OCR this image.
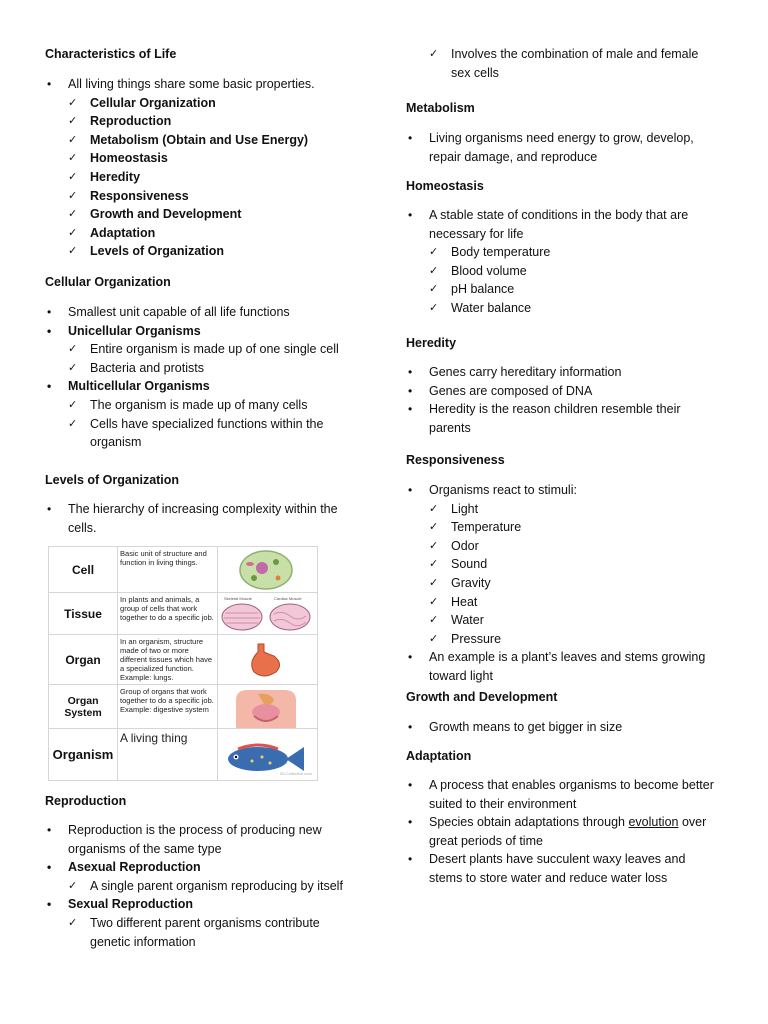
Characteristics of Life

• All living things share some basic properties.
✓ Cellular Organization
✓ Reproduction
✓ Metabolism (Obtain and Use Energy)
✓ Homeostasis
✓ Heredity
✓ Responsiveness
✓ Growth and Development
✓ Adaptation
✓ Levels of Organization

Cellular Organization

• Smallest unit capable of all life functions
• Unicellular Organisms
✓ Entire organism is made up of one single cell
✓ Bacteria and protists
• Multicellular Organisms
✓ The organism is made up of many cells
✓ Cells have specialized functions within the organism

Levels of Organization

• The hierarchy of increasing complexity within the cells.

Reproduction

• Reproduction is the process of producing new organisms of the same type
• Asexual Reproduction
✓ A single parent organism reproducing by itself
• Sexual Reproduction
✓ Two different parent organisms contribute genetic information
Cell	Basic unit of structure and function in living things.	

Tissue	In plants and animals, a group of cells that work together to do a specific job.	Skeletal Muscle Cardiac Muscle

Organ	In an organism, structure made of two or more different tissues which have a specialized function. Example: lungs.	

Organ System	Group of organs that work together to do a specific job. Example: digestive system	

Organism	A living thing	iSLCollective.com
✓ Involves the combination of male and female sex cells

Metabolism

• Living organisms need energy to grow, develop, repair damage, and reproduce

Homeostasis

• A stable state of conditions in the body that are necessary for life
✓ Body temperature
✓ Blood volume
✓ pH balance
✓ Water balance

Heredity

• Genes carry hereditary information
• Genes are composed of DNA
• Heredity is the reason children resemble their parents

Responsiveness

• Organisms react to stimuli:
✓ Light
✓ Temperature
✓ Odor
✓ Sound
✓ Gravity
✓ Heat
✓ Water
✓ Pressure
• An example is a plant’s leaves and stems growing toward light

Growth and Development

• Growth means to get bigger in size

Adaptation

• A process that enables organisms to become better suited to their environment
• Species obtain adaptations through evolution over great periods of time
• Desert plants have succulent waxy leaves and stems to store water and reduce water loss
